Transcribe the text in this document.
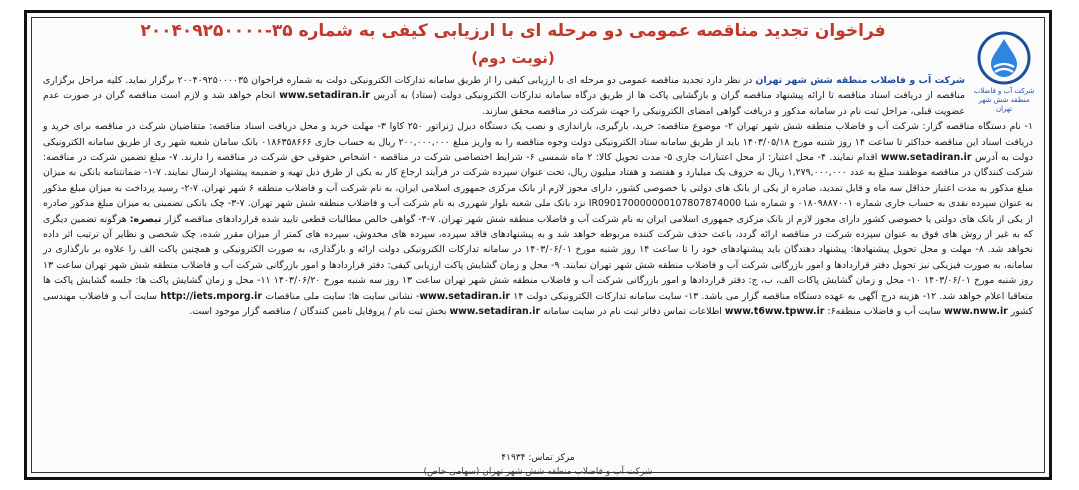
شرکت آب و فاضلاب منطقه شش شهر تهران
فراخوان تجدید مناقصه عمومی دو مرحله ای با ارزیابی کیفی به شماره ۳۵-۲۰۰۴۰۹۲۵۰۰۰۰
(نوبت دوم)

شرکت آب و فاضلاب منطقه شش شهر تهران در نظر دارد تجدید مناقصه عمومی دو مرحله ای با ارزیابی کیفی را از طریق سامانه تدارکات الکترونیکی دولت به شماره فراخوان ۲۰۰۴۰۹۲۵۰۰۰۰۳۵ برگزار نماید. کلیه مراحل برگزاری مناقصه از دریافت اسناد مناقصه تا ارائه پیشنهاد مناقصه گران و بازگشایی پاکت ها از طریق درگاه سامانه تدارکات الکترونیکی دولت (ستاد) به آدرس www.setadiran.ir انجام خواهد شد و لازم است مناقصه گران در صورت عدم عضویت قبلی، مراحل ثبت نام در سامانه مذکور و دریافت گواهی امضای الکترونیکی را جهت شرکت در مناقصه محقق سازند.

۱- نام دستگاه مناقصه گزار: شرکت آب و فاضلاب منطقه شش شهر تهران ۲- موضوع مناقصه: خرید، بارگیری، باراندازی و نصب یک دستگاه دیزل ژنراتور ۲۵۰ کاوا ۳- مهلت خرید و محل دریافت اسناد مناقصه: متقاضیان شرکت در مناقصه برای خرید و دریافت اسناد این مناقصه حداکثر تا ساعت ۱۴ روز شنبه مورخ ۱۴۰۳/۰۵/۱۸ باید از طریق سامانه ستاد الکترونیکی دولت وجوه مناقصه را به واریز مبلغ ۲۰۰,۰۰۰,۰۰۰ ریال به حساب جاری ۰۱۸۶۳۵۸۶۶۶ بانک سامان شعبه شهر ری از طریق سامانه الکترونیکی دولت به آدرس www.setadiran.ir اقدام نمایند. ۴- محل اعتبار: از محل اعتبارات جاری ۵- مدت تحویل کالا: ۲ ماه شمسی ۶- شرایط اختصاصی شرکت در مناقصه - اشخاص حقوقی حق شرکت در مناقصه را دارند. ۷- مبلغ تضمین شرکت در مناقصه: شرکت کنندگان در مناقصه موظفند مبلغ به عدد ۱,۲۷۹,۰۰۰,۰۰۰ ریال به حروف یک میلیارد و هفتصد و هفتاد میلیون ریال، تحت عنوان سپرده شرکت در فرآیند ارجاع کار به یکی از طرق ذیل تهیه و ضمیمه پیشنهاد ارسال نمایند. ۷-۱- ضمانتنامه بانکی به میزان مبلغ مذکور به مدت اعتبار حداقل سه ماه و قابل تمدید، صادره از یکی از بانک های دولتی یا خصوصی کشور، دارای مجوز لازم از بانک مرکزی جمهوری اسلامی ایران، به نام شرکت آب و فاضلاب منطقه ۶ شهر تهران. ۷-۲- رسید پرداخت به میزان مبلغ مذکور به عنوان سپرده نقدی به حساب جاری شماره ۰۱۸۰۹۸۸۷۰۰۱ و شماره شبا IR090170000000107807874000 نزد بانک ملی شعبه بلوار شهرری به نام شرکت آب و فاضلاب منطقه شش شهر تهران. ۷-۳- چک بانکی تضمینی به میزان مبلغ مذکور صادره از یکی از بانک های دولتی یا خصوصی کشور دارای مجوز لازم از بانک مرکزی جمهوری اسلامی ایران به نام شرکت آب و فاضلاب منطقه شش شهر تهران. ۷-۴- گواهی خالص مطالبات قطعی تایید شده قراردادهای مناقصه گزار تبصره: هرگونه تضمین دیگری که به غیر از روش های فوق به عنوان سپرده شرکت در مناقصه ارائه گردد، باعث حذف شرکت کننده مربوطه خواهد شد و به پیشنهادهای فاقد سپرده، سپرده های مخدوش، سپرده های کمتر از میزان مقرر شده، چک شخصی و نظایر آن ترتیب اثر داده نخواهد شد. ۸- مهلت و محل تحویل پیشنهادها: پیشنهاد دهندگان باید پیشنهادهای خود را تا ساعت ۱۴ روز شنبه مورخ ۱۴۰۳/۰۶/۰۱ در سامانه تدارکات الکترونیکی دولت ارائه و بارگذاری، به صورت الکترونیکی و همچنین پاکت الف را علاوه بر بارگذاری در سامانه، به صورت فیزیکی نیز تحویل دفتر قراردادها و امور بازرگانی شرکت آب و فاضلاب منطقه شش شهر تهران نمایند. ۹- محل و زمان گشایش پاکت ارزیابی کیفی: دفتر قراردادها و امور بازرگانی شرکت آب و فاضلاب منطقه شش شهر تهران ساعت ۱۳ روز شنبه مورخ ۱۴۰۳/۰۶/۰۱ ۱۰- محل و زمان گشایش پاکات الف، ب، ج: دفتر قراردادها و امور بازرگانی شرکت آب و فاضلاب منطقه شش شهر تهران ساعت ۱۳ روز سه شنبه مورخ ۱۴۰۳/۰۶/۲۰ ۱۱- محل و زمان گشایش پاکت ها: جلسه گشایش پاکت ها متعاقبا اعلام خواهد شد. ۱۲- هزینه درج آگهی به عهده دستگاه مناقصه گزار می باشد. ۱۳- سایت سامانه تدارکات الکترونیکی دولت www.setadiran.ir ۱۴- نشانی سایت ها: سایت ملی مناقصات http://iets.mporg.ir سایت آب و فاضلاب مهندسی کشور www.nww.ir سایت آب و فاضلاب منطقه۶: www.t6ww.tpww.ir اطلاعات تماس دفاتر ثبت نام در سایت سامانه www.setadiran.ir بخش ثبت نام / پروفایل تامین کنندگان / مناقصه گزار موجود است.

مرکز تماس: ۴۱۹۳۴
شرکت آب و فاضلاب منطقه شش شهر تهران (سهامی خاص)
